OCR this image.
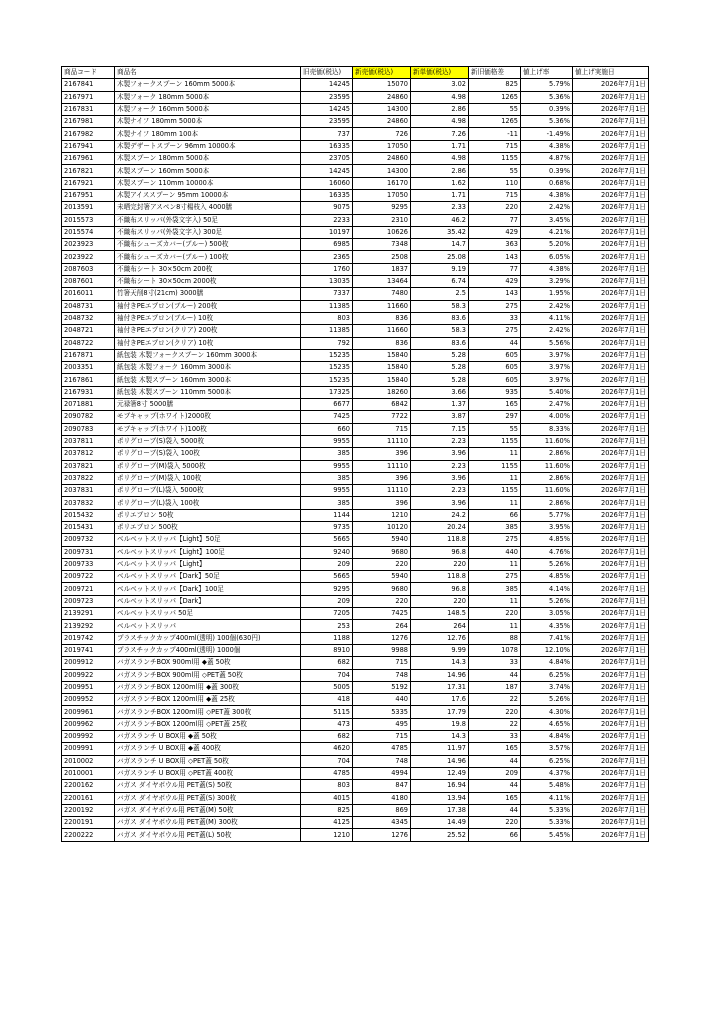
商品コード	商品名	旧売価(税込)	新売価(税込)	新単価(税込)	新旧価格差	値上げ率	値上げ実施日
2167841	木製フォークスプーン 160mm 5000本	14245	15070	3.02	825	5.79%	2026年7月1日
2167971	木製フォーク 180mm 5000本	23595	24860	4.98	1265	5.36%	2026年7月1日
2167831	木製フォーク 160mm 5000本	14245	14300	2.86	55	0.39%	2026年7月1日
2167981	木製ナイフ 180mm 5000本	23595	24860	4.98	1265	5.36%	2026年7月1日
2167982	木製ナイフ 180mm 100本	737	726	7.26	-11	-1.49%	2026年7月1日
2167941	木製デザートスプーン 96mm 10000本	16335	17050	1.71	715	4.38%	2026年7月1日
2167961	木製スプーン 180mm 5000本	23705	24860	4.98	1155	4.87%	2026年7月1日
2167821	木製スプーン 160mm 5000本	14245	14300	2.86	55	0.39%	2026年7月1日
2167921	木製スプーン 110mm 10000本	16060	16170	1.62	110	0.68%	2026年7月1日
2167951	木製アイススプーン 95mm 10000本	16335	17050	1.71	715	4.38%	2026年7月1日
2013591	未晒完封箸アスペン8寸楊枝入 4000膳	9075	9295	2.33	220	2.42%	2026年7月1日
2015573	不織布スリッパ(外袋文字入) 50足	2233	2310	46.2	77	3.45%	2026年7月1日
2015574	不織布スリッパ(外袋文字入) 300足	10197	10626	35.42	429	4.21%	2026年7月1日
2023923	不織布シューズカバー(ブルー) 500枚	6985	7348	14.7	363	5.20%	2026年7月1日
2023922	不織布シューズカバー(ブルー) 100枚	2365	2508	25.08	143	6.05%	2026年7月1日
2087603	不織布シート 30×50cm 200枚	1760	1837	9.19	77	4.38%	2026年7月1日
2087601	不織布シート 30×50cm 2000枚	13035	13464	6.74	429	3.29%	2026年7月1日
2016011	竹箸天削8寸(21cm) 3000膳	7337	7480	2.5	143	1.95%	2026年7月1日
2048731	袖付きPEエプロン(ブルー) 200枚	11385	11660	58.3	275	2.42%	2026年7月1日
2048732	袖付きPEエプロン(ブルー) 10枚	803	836	83.6	33	4.11%	2026年7月1日
2048721	袖付きPEエプロン(クリア) 200枚	11385	11660	58.3	275	2.42%	2026年7月1日
2048722	袖付きPEエプロン(クリア) 10枚	792	836	83.6	44	5.56%	2026年7月1日
2167871	紙包装 木製フォークスプーン 160mm 3000本	15235	15840	5.28	605	3.97%	2026年7月1日
2003351	紙包装 木製フォーク 160mm 3000本	15235	15840	5.28	605	3.97%	2026年7月1日
2167861	紙包装 木製スプーン 160mm 3000本	15235	15840	5.28	605	3.97%	2026年7月1日
2167931	紙包装 木製スプーン 110mm 5000本	17325	18260	3.66	935	5.40%	2026年7月1日
2071881	元禄箸8寸 5000膳	6677	6842	1.37	165	2.47%	2026年7月1日
2090782	モブキャップ(ホワイト)2000枚	7425	7722	3.87	297	4.00%	2026年7月1日
2090783	モブキャップ(ホワイト)100枚	660	715	7.15	55	8.33%	2026年7月1日
2037811	ポリグローブ(S)袋入 5000枚	9955	11110	2.23	1155	11.60%	2026年7月1日
2037812	ポリグローブ(S)袋入 100枚	385	396	3.96	11	2.86%	2026年7月1日
2037821	ポリグローブ(M)袋入 5000枚	9955	11110	2.23	1155	11.60%	2026年7月1日
2037822	ポリグローブ(M)袋入 100枚	385	396	3.96	11	2.86%	2026年7月1日
2037831	ポリグローブ(L)袋入 5000枚	9955	11110	2.23	1155	11.60%	2026年7月1日
2037832	ポリグローブ(L)袋入 100枚	385	396	3.96	11	2.86%	2026年7月1日
2015432	ポリエプロン 50枚	1144	1210	24.2	66	5.77%	2026年7月1日
2015431	ポリエプロン 500枚	9735	10120	20.24	385	3.95%	2026年7月1日
2009732	ベルベットスリッパ【Light】50足	5665	5940	118.8	275	4.85%	2026年7月1日
2009731	ベルベットスリッパ【Light】100足	9240	9680	96.8	440	4.76%	2026年7月1日
2009733	ベルベットスリッパ【Light】	209	220	220	11	5.26%	2026年7月1日
2009722	ベルベットスリッパ【Dark】50足	5665	5940	118.8	275	4.85%	2026年7月1日
2009721	ベルベットスリッパ【Dark】100足	9295	9680	96.8	385	4.14%	2026年7月1日
2009723	ベルベットスリッパ【Dark】	209	220	220	11	5.26%	2026年7月1日
2139291	ベルベットスリッパ 50足	7205	7425	148.5	220	3.05%	2026年7月1日
2139292	ベルベットスリッパ	253	264	264	11	4.35%	2026年7月1日
2019742	プラスチックカップ400ml(透明) 100個(630円)	1188	1276	12.76	88	7.41%	2026年7月1日
2019741	プラスチックカップ400ml(透明) 1000個	8910	9988	9.99	1078	12.10%	2026年7月1日
2009912	バガスランチBOX 900ml用 ◆蓋 50枚	682	715	14.3	33	4.84%	2026年7月1日
2009922	バガスランチBOX 900ml用 ◇PET蓋 50枚	704	748	14.96	44	6.25%	2026年7月1日
2009951	バガスランチBOX 1200ml用 ◆蓋 300枚	5005	5192	17.31	187	3.74%	2026年7月1日
2009952	バガスランチBOX 1200ml用 ◆蓋 25枚	418	440	17.6	22	5.26%	2026年7月1日
2009961	バガスランチBOX 1200ml用 ◇PET蓋 300枚	5115	5335	17.79	220	4.30%	2026年7月1日
2009962	バガスランチBOX 1200ml用 ◇PET蓋 25枚	473	495	19.8	22	4.65%	2026年7月1日
2009992	バガスランチ U BOX用 ◆蓋 50枚	682	715	14.3	33	4.84%	2026年7月1日
2009991	バガスランチ U BOX用 ◆蓋 400枚	4620	4785	11.97	165	3.57%	2026年7月1日
2010002	バガスランチ U BOX用 ◇PET蓋 50枚	704	748	14.96	44	6.25%	2026年7月1日
2010001	バガスランチ U BOX用 ◇PET蓋 400枚	4785	4994	12.49	209	4.37%	2026年7月1日
2200162	バガス ダイヤボウル用 PET蓋(S) 50枚	803	847	16.94	44	5.48%	2026年7月1日
2200161	バガス ダイヤボウル用 PET蓋(S) 300枚	4015	4180	13.94	165	4.11%	2026年7月1日
2200192	バガス ダイヤボウル用 PET蓋(M) 50枚	825	869	17.38	44	5.33%	2026年7月1日
2200191	バガス ダイヤボウル用 PET蓋(M) 300枚	4125	4345	14.49	220	5.33%	2026年7月1日
2200222	バガス ダイヤボウル用 PET蓋(L) 50枚	1210	1276	25.52	66	5.45%	2026年7月1日
